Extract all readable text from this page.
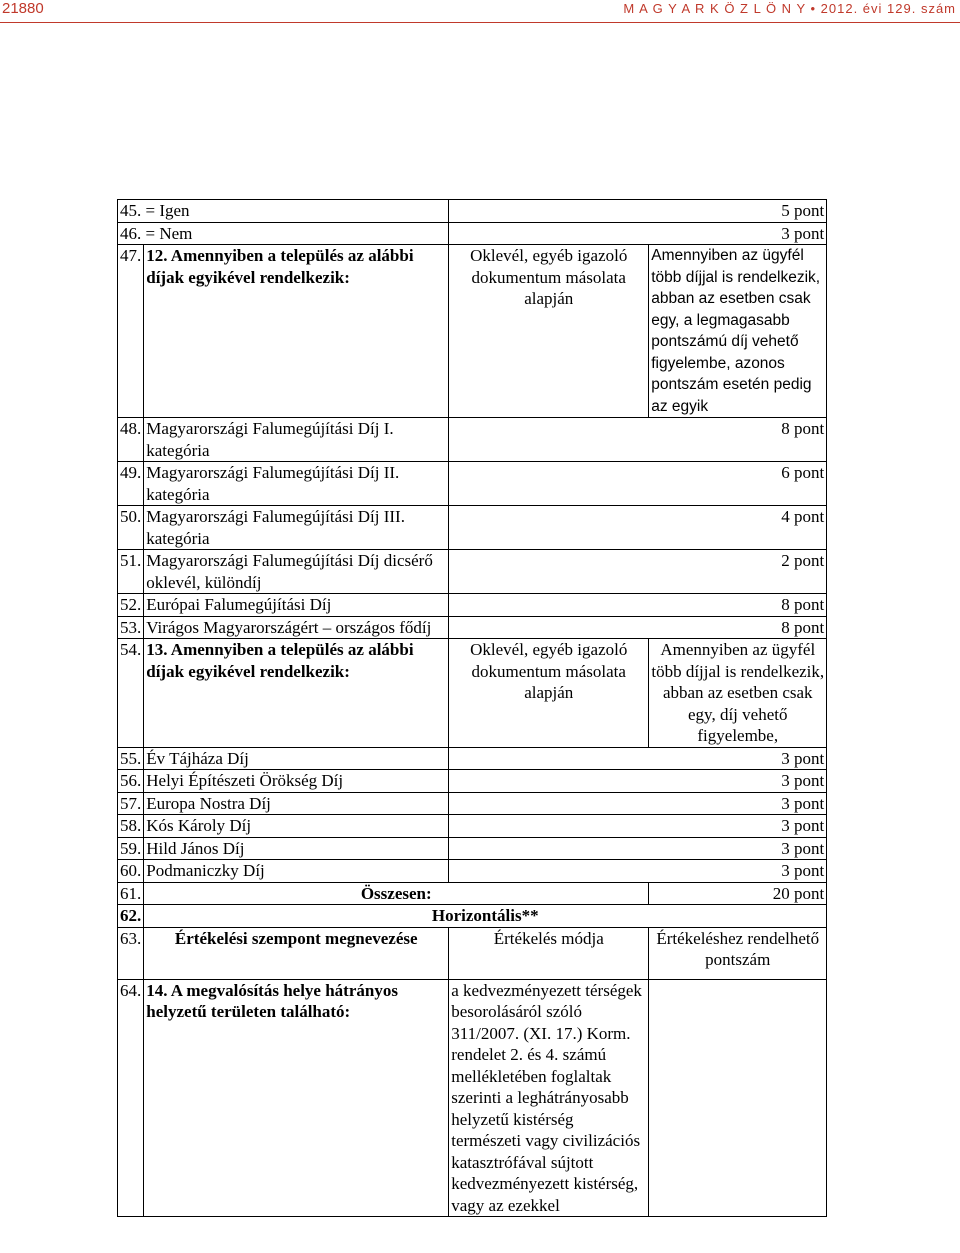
21880	M A G Y A R K Ö Z L Ö N Y • 2012. évi 129. szám
45. = Igen		5 pont	
46. = Nem		3 pont	
47.	12. Amennyiben a település az alábbi díjak egyikével rendelkezik:	Oklevél, egyéb igazoló dokumentum másolata alapján	Amennyiben az ügyfél több díjjal is rendelkezik, abban az esetben csak egy, a legmagasabb pontszámú díj vehető figyelembe, azonos pontszám esetén pedig az egyik
48.	Magyarországi Falumegújítási Díj I. kategória	8 pont	
49.	Magyarországi Falumegújítási Díj II. kategória	6 pont	
50.	Magyarországi Falumegújítási Díj III. kategória	4 pont	
51.	Magyarországi Falumegújítási Díj dicsérő oklevél, különdíj	2 pont	
52.	Európai Falumegújítási Díj	8 pont	
53.	Virágos Magyarországért – országos fődíj	8 pont	
54.	13. Amennyiben a település az alábbi díjak egyikével rendelkezik:	Oklevél, egyéb igazoló dokumentum másolata alapján	Amennyiben az ügyfél több díjjal is rendelkezik, abban az esetben csak egy, díj vehető figyelembe,
55.	Év Tájháza Díj	3 pont	
56.	Helyi Építészeti Örökség Díj	3 pont	
57.	Europa Nostra Díj	3 pont	
58.	Kós Károly Díj	3 pont	
59.	Hild János Díj	3 pont	
60.	Podmaniczky Díj	3 pont	
61.	Összesen:		20 pont
62.	Horizontális**		
63.	Értékelési szempont megnevezése	Értékelés módja	Értékeléshez rendelhető pontszám
64.	14. A megvalósítás helye hátrányos helyzetű területen található:	a kedvezményezett térségek besorolásáról szóló 311/2007. (XI. 17.) Korm. rendelet 2. és 4. számú mellékletében foglaltak szerinti a leghátrányosabb helyzetű kistérség természeti vagy civilizációs katasztrófával sújtott kedvezményezett kistérség, vagy az ezekkel	
